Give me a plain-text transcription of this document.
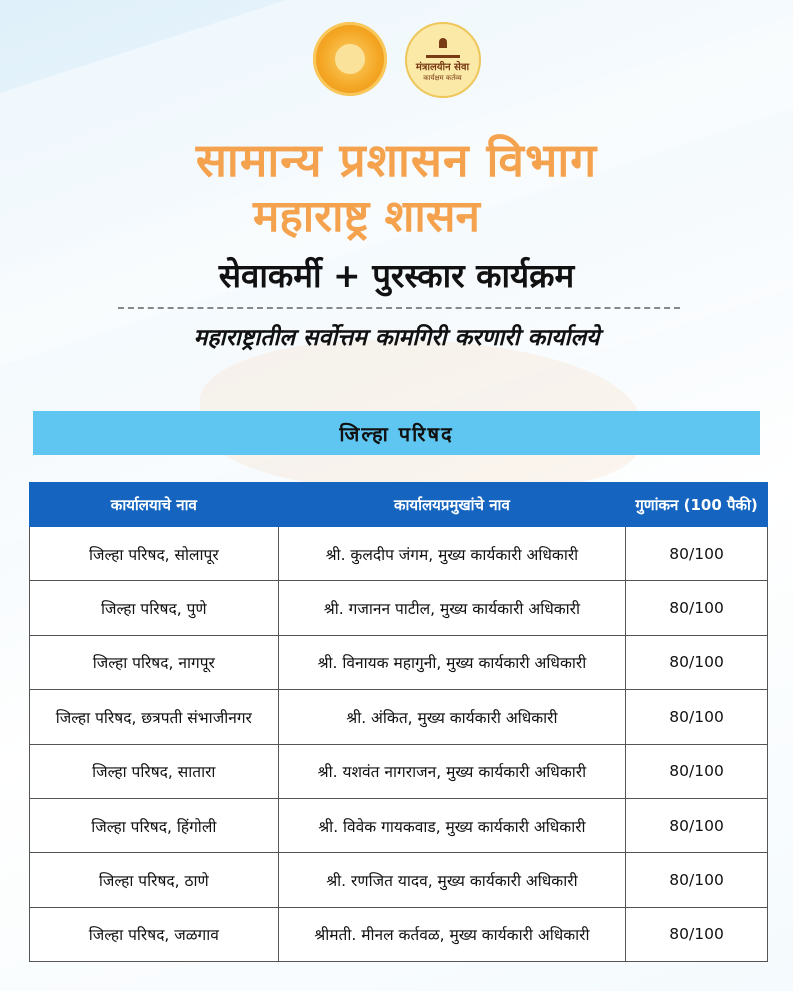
मंत्रालयीन सेवा
कार्यक्षम कर्तव्य
सामान्य प्रशासन विभाग
महाराष्ट्र शासन
सेवाकर्मी + पुरस्कार कार्यक्रम
महाराष्ट्रातील सर्वोत्तम कामगिरी करणारी कार्यालये
जिल्हा परिषद
कार्यालयाचे नाव	कार्यालयप्रमुखांचे नाव	गुणांकन (100 पैकी)
जिल्हा परिषद, सोलापूर	श्री. कुलदीप जंगम, मुख्य कार्यकारी अधिकारी	80/100
जिल्हा परिषद, पुणे	श्री. गजानन पाटील, मुख्य कार्यकारी अधिकारी	80/100
जिल्हा परिषद, नागपूर	श्री. विनायक महागुनी, मुख्य कार्यकारी अधिकारी	80/100
जिल्हा परिषद, छत्रपती संभाजीनगर	श्री. अंकित, मुख्य कार्यकारी अधिकारी	80/100
जिल्हा परिषद, सातारा	श्री. यशवंत नागराजन, मुख्य कार्यकारी अधिकारी	80/100
जिल्हा परिषद, हिंगोली	श्री. विवेक गायकवाड, मुख्य कार्यकारी अधिकारी	80/100
जिल्हा परिषद, ठाणे	श्री. रणजित यादव, मुख्य कार्यकारी अधिकारी	80/100
जिल्हा परिषद, जळगाव	श्रीमती. मीनल कर्तवळ, मुख्य कार्यकारी अधिकारी	80/100
